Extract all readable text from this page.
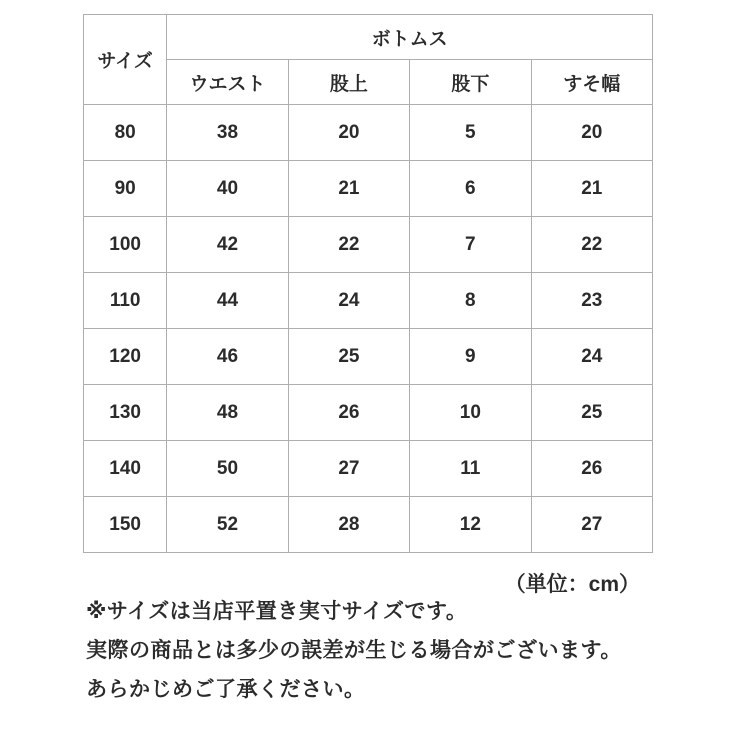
サイズ	ボトムス			
	ウエスト	股上	股下	すそ幅
80	38	20	5	20
90	40	21	6	21
100	42	22	7	22
110	44	24	8	23
120	46	25	9	24
130	48	26	10	25
140	50	27	11	26
150	52	28	12	27
（単位：cm）

※サイズは当店平置き実寸サイズです。

実際の商品とは多少の誤差が生じる場合がございます。

あらかじめご了承ください。
